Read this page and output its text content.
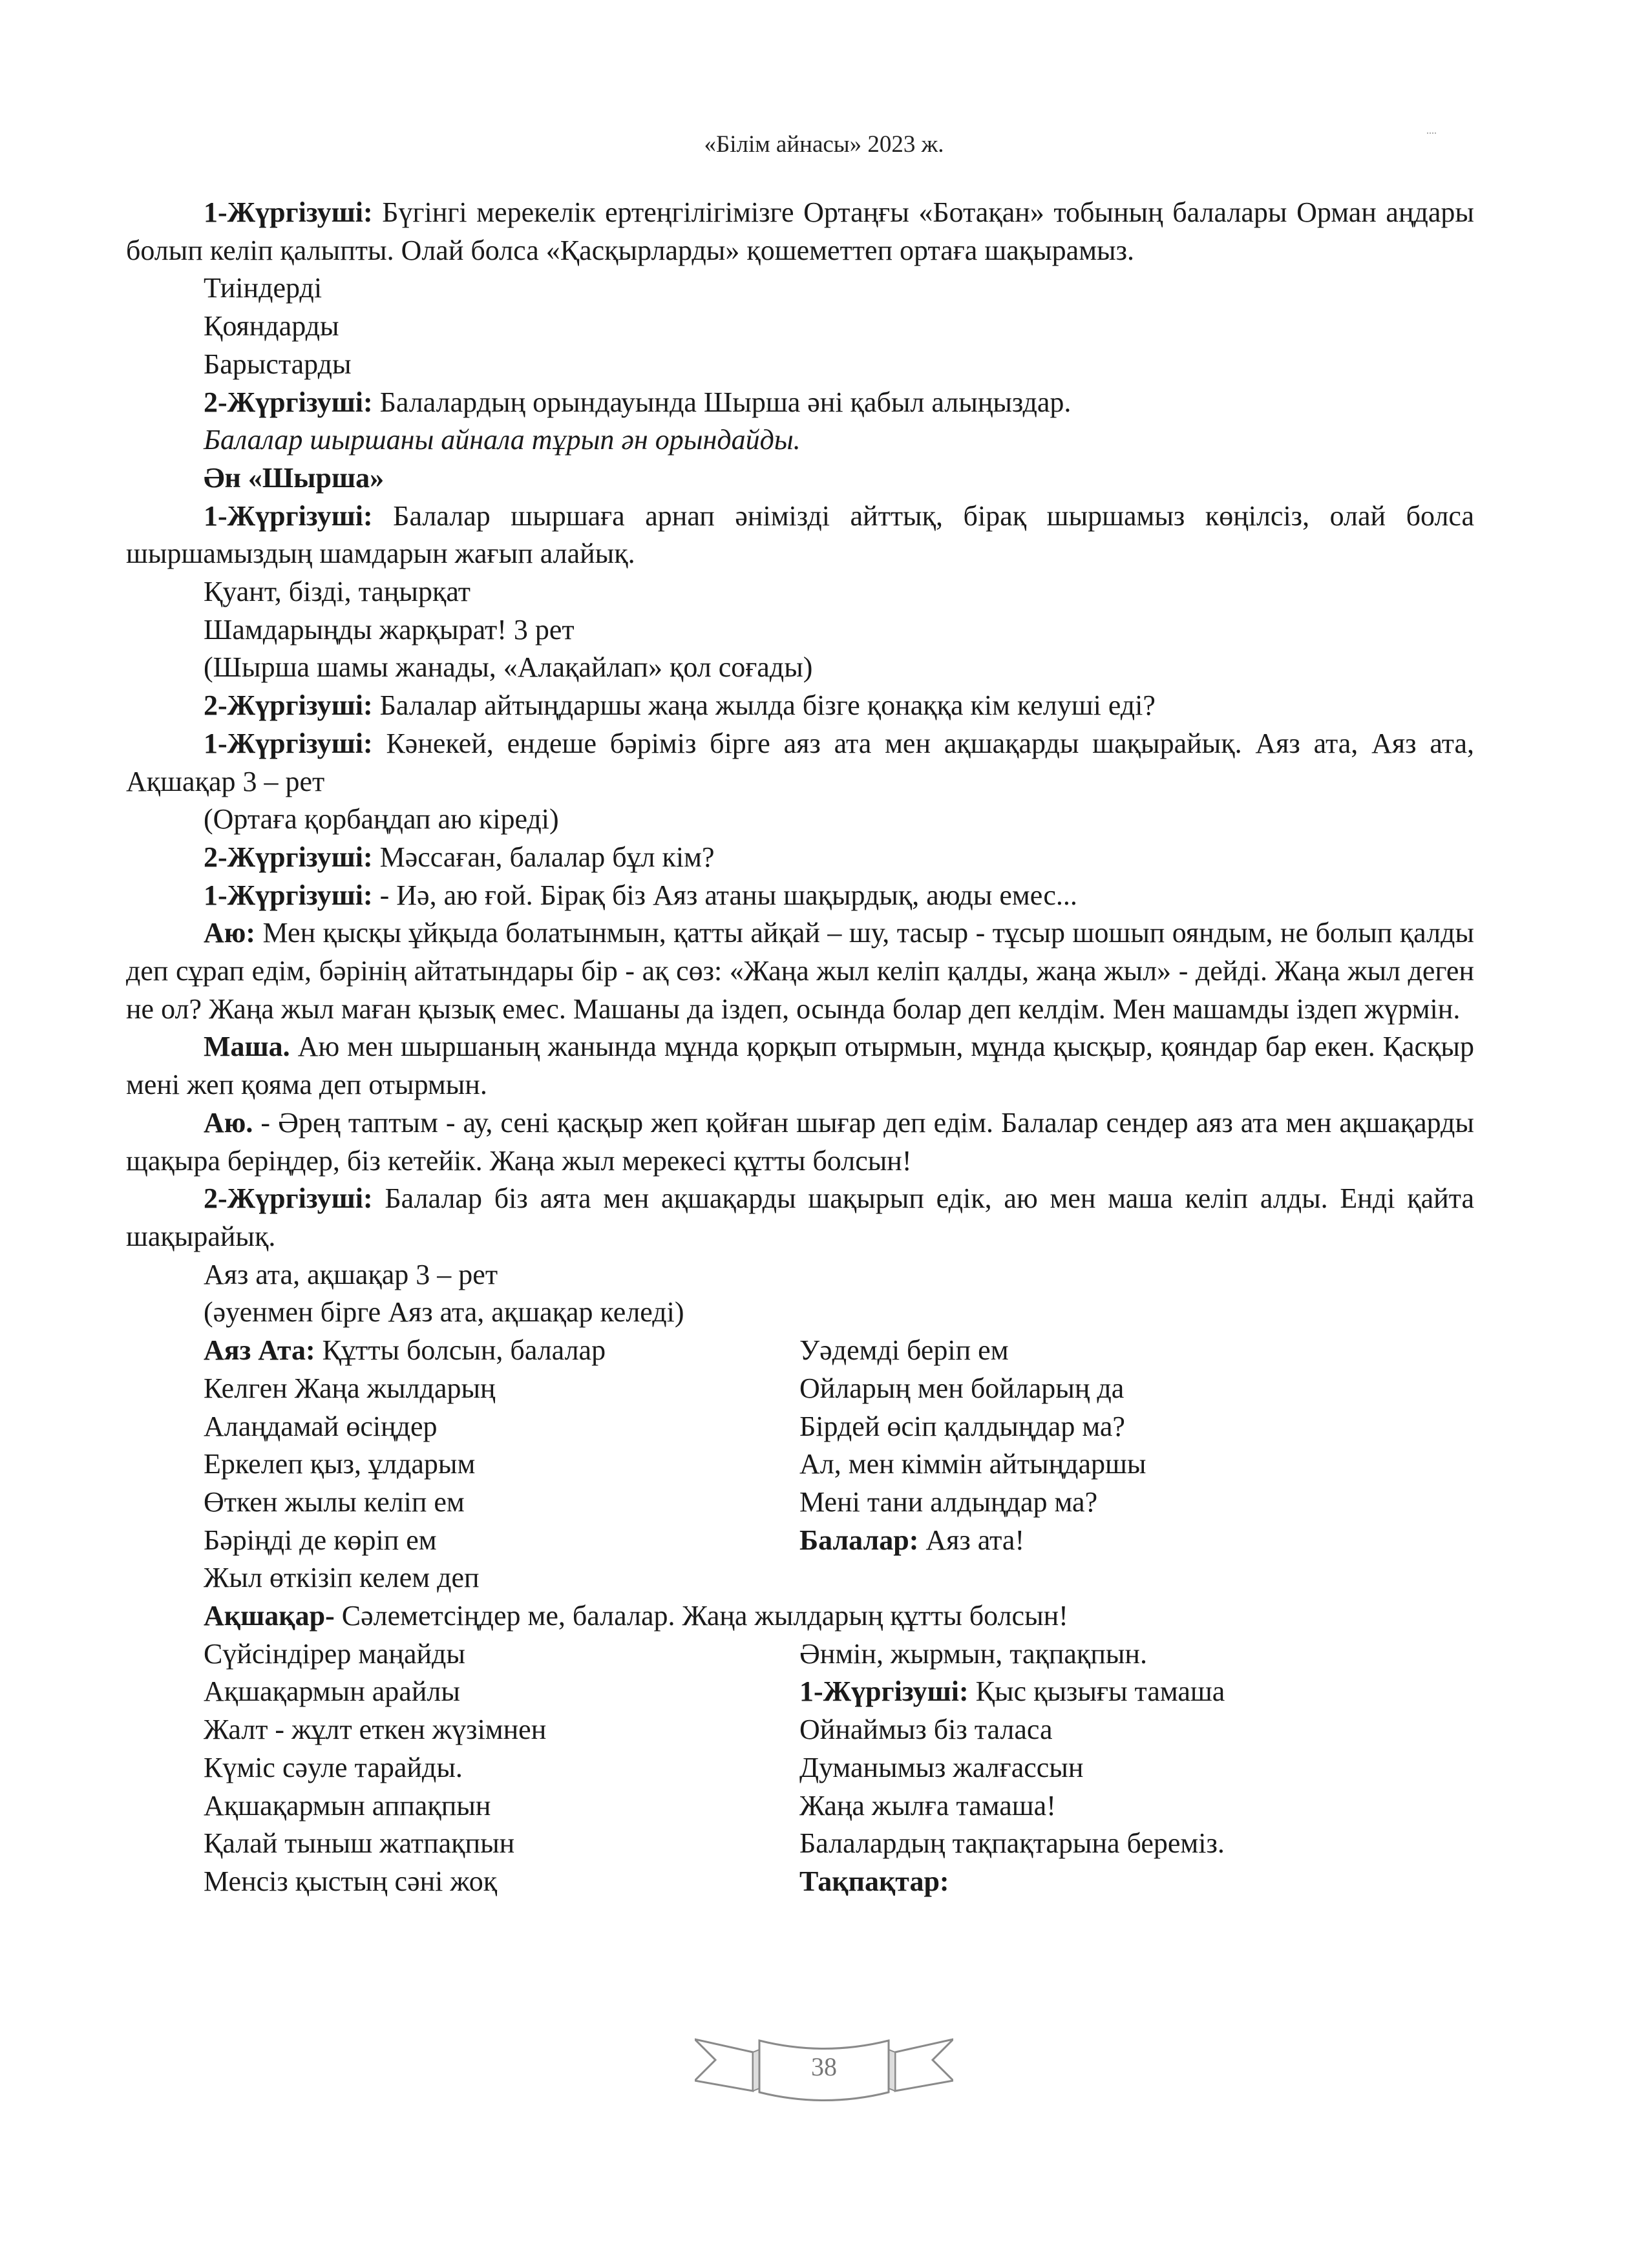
«Білім айнасы» 2023 ж.

1-Жүргізуші: Бүгінгі мерекелік ертеңгілігімізге Ортаңғы «Ботақан» тобының балалары Орман аңдары болып келіп қалыпты. Олай болса «Қасқырларды» қошеметтеп ортаға шақырамыз.

Тиіндерді

Қояндарды

Барыстарды

2-Жүргізуші: Балалардың орындауында Шырша әні қабыл алыңыздар.

Балалар шыршаны айнала тұрып ән орындайды.

Ән «Шырша»

1-Жүргізуші: Балалар шыршаға арнап әнімізді айттық, бірақ шыршамыз көңілсіз, олай болса шыршамыздың шамдарын жағып алайық.

Қуант, бізді, таңырқат

Шамдарыңды жарқырат! 3 рет

(Шырша шамы жанады, «Алақайлап» қол соғады)

2-Жүргізуші: Балалар айтыңдаршы жаңа жылда бізге қонаққа кім келуші еді?

1-Жүргізуші: Кәнекей, ендеше бәріміз бірге аяз ата мен ақшақарды шақырайық. Аяз ата, Аяз ата, Ақшақар 3 – рет

(Ортаға қорбаңдап аю кіреді)

2-Жүргізуші: Мәссаған, балалар бұл кім?

1-Жүргізуші: - Иә, аю ғой. Бірақ біз Аяз атаны шақырдық, аюды емес...

Аю: Мен қысқы ұйқыда болатынмын, қатты айқай – шу, тасыр - тұсыр шошып ояндым, не болып қалды деп сұрап едім, бәрінің айтатындары бір - ақ сөз: «Жаңа жыл келіп қалды, жаңа жыл» - дейді. Жаңа жыл деген не ол? Жаңа жыл маған қызық емес. Машаны да іздеп, осында болар деп келдім. Мен машамды іздеп жүрмін.

Маша. Аю мен шыршаның жанында мұнда қорқып отырмын, мұнда қысқыр, қояндар бар екен. Қасқыр мені жеп қояма деп отырмын.

Аю. - Әрең таптым - ау, сені қасқыр жеп қойған шығар деп едім. Балалар сендер аяз ата мен ақшақарды щақыра беріңдер, біз кетейік. Жаңа жыл мерекесі құтты болсын!

2-Жүргізуші: Балалар біз аята мен ақшақарды шақырып едік, аю мен маша келіп алды. Енді қайта шақырайық.

Аяз ата, ақшақар 3 – рет

(әуенмен бірге Аяз ата, ақшақар келеді)

Аяз Ата: Құтты болсын, балалар

Келген Жаңа жылдарың

Алаңдамай өсіңдер

Еркелеп қыз, ұлдарым

Өткен жылы келіп ем

Бәріңді де көріп ем

Жыл өткізіп келем деп

Уәдемді беріп ем

Ойларың мен бойларың да

Бірдей өсіп қалдыңдар ма?

Ал, мен кіммін айтыңдаршы

Мені тани алдыңдар ма?

Балалар: Аяз ата!

Ақшақар- Сәлеметсіңдер ме, балалар. Жаңа жылдарың құтты болсын!

Сүйсіндірер маңайды

Ақшақармын арайлы

Жалт - жұлт еткен жүзімнен

Күміс сәуле тарайды.

Ақшақармын аппақпын

Қалай тыныш жатпақпын

Менсіз қыстың сәні жоқ

Әнмін, жырмын, тақпақпын.

1-Жүргізуші: Қыс қызығы тамаша

Ойнаймыз біз таласа

Думанымыз жалғассын

Жаңа жылға тамаша!

Балалардың тақпақтарына береміз.

Тақпақтар:

38
